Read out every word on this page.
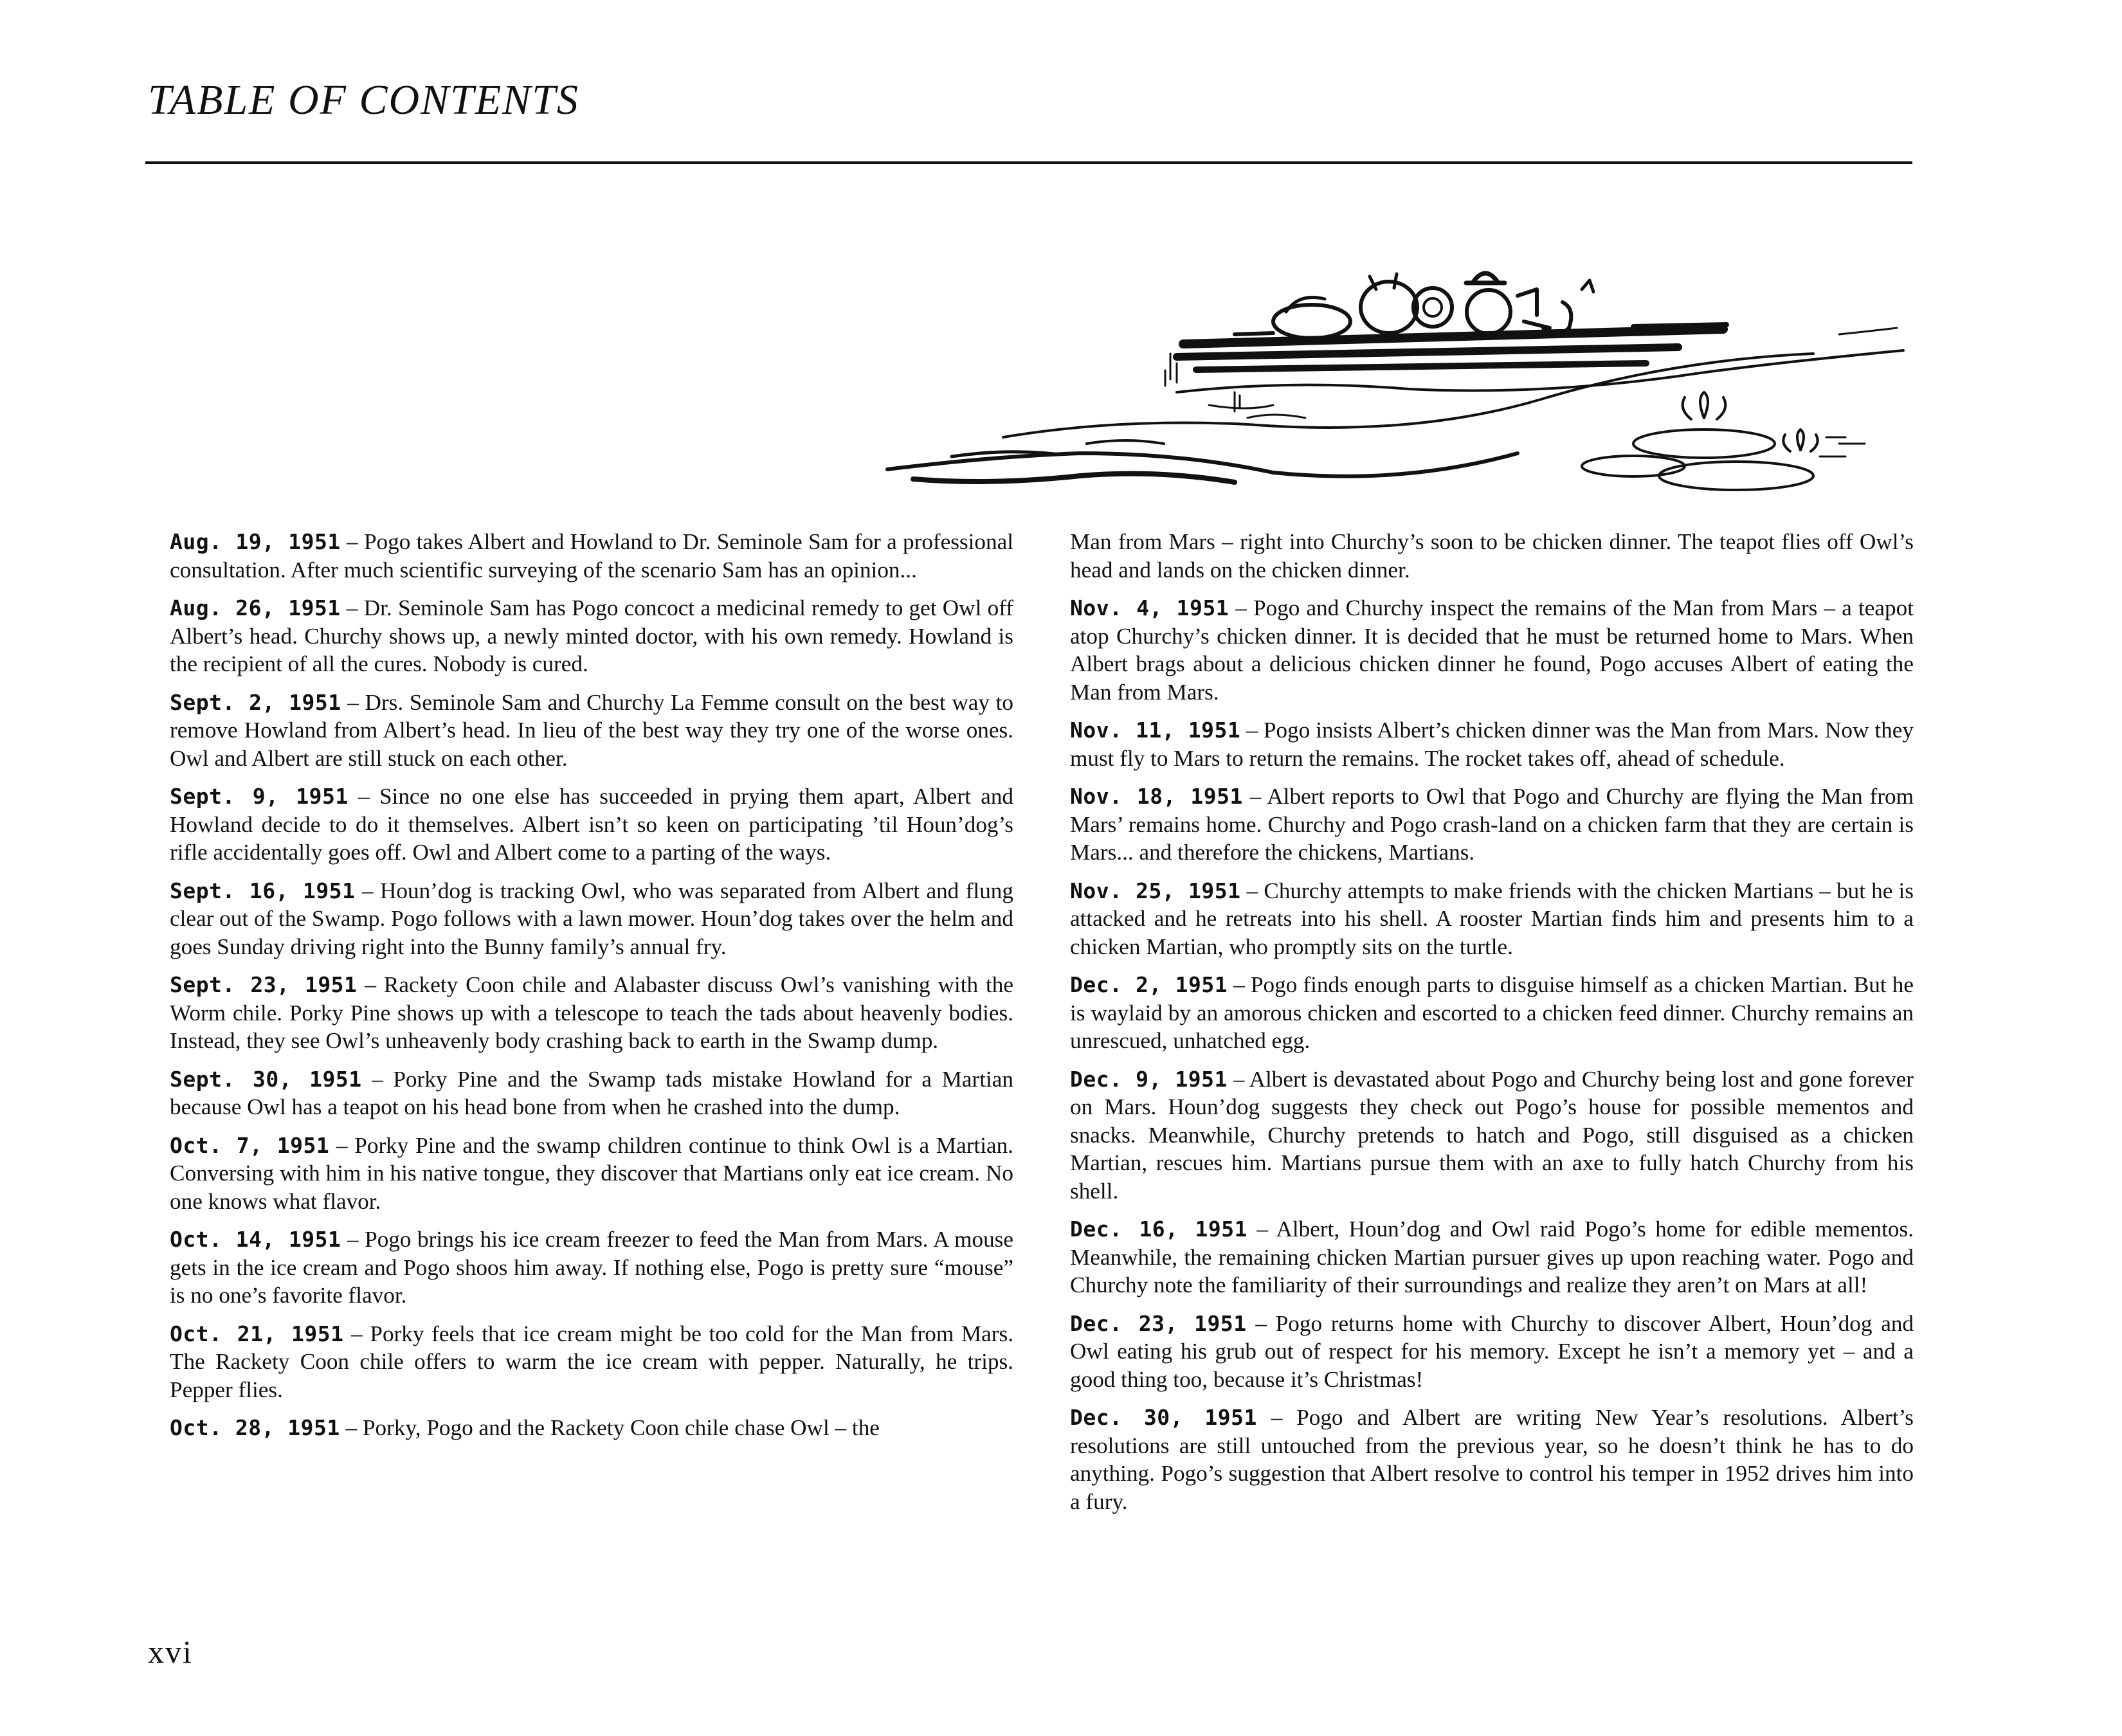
TABLE OF CONTENTS

Aug. 19, 1951 – Pogo takes Albert and Howland to Dr. Seminole Sam for a professional consultation. After much scientific surveying of the scenario Sam has an opinion...

Aug. 26, 1951 – Dr. Seminole Sam has Pogo concoct a medicinal remedy to get Owl off Albert’s head. Churchy shows up, a newly minted doctor, with his own remedy. Howland is the recipient of all the cures. Nobody is cured.

Sept. 2, 1951 – Drs. Seminole Sam and Churchy La Femme consult on the best way to remove Howland from Albert’s head. In lieu of the best way they try one of the worse ones. Owl and Albert are still stuck on each other.

Sept. 9, 1951 – Since no one else has succeeded in prying them apart, Albert and Howland decide to do it themselves. Albert isn’t so keen on participating ’til Houn’dog’s rifle accidentally goes off. Owl and Albert come to a parting of the ways.

Sept. 16, 1951 – Houn’dog is tracking Owl, who was separated from Albert and flung clear out of the Swamp. Pogo follows with a lawn mower. Houn’dog takes over the helm and goes Sunday driving right into the Bunny family’s annual fry.

Sept. 23, 1951 – Rackety Coon chile and Alabaster discuss Owl’s vanishing with the Worm chile. Porky Pine shows up with a telescope to teach the tads about heavenly bodies. Instead, they see Owl’s unheavenly body crashing back to earth in the Swamp dump.

Sept. 30, 1951 – Porky Pine and the Swamp tads mistake Howland for a Martian because Owl has a teapot on his head bone from when he crashed into the dump.

Oct. 7, 1951 – Porky Pine and the swamp children continue to think Owl is a Martian. Conversing with him in his native tongue, they discover that Martians only eat ice cream. No one knows what flavor.

Oct. 14, 1951 – Pogo brings his ice cream freezer to feed the Man from Mars. A mouse gets in the ice cream and Pogo shoos him away. If nothing else, Pogo is pretty sure “mouse” is no one’s favorite flavor.

Oct. 21, 1951 – Porky feels that ice cream might be too cold for the Man from Mars. The Rackety Coon chile offers to warm the ice cream with pepper. Naturally, he trips. Pepper flies.

Oct. 28, 1951 – Porky, Pogo and the Rackety Coon chile chase Owl – the

Man from Mars – right into Churchy’s soon to be chicken dinner. The teapot flies off Owl’s head and lands on the chicken dinner.

Nov. 4, 1951 – Pogo and Churchy inspect the remains of the Man from Mars – a teapot atop Churchy’s chicken dinner. It is decided that he must be returned home to Mars. When Albert brags about a delicious chicken dinner he found, Pogo accuses Albert of eating the Man from Mars.

Nov. 11, 1951 – Pogo insists Albert’s chicken dinner was the Man from Mars. Now they must fly to Mars to return the remains. The rocket takes off, ahead of schedule.

Nov. 18, 1951 – Albert reports to Owl that Pogo and Churchy are flying the Man from Mars’ remains home. Churchy and Pogo crash-land on a chicken farm that they are certain is Mars... and therefore the chickens, Martians.

Nov. 25, 1951 – Churchy attempts to make friends with the chicken Martians – but he is attacked and he retreats into his shell. A rooster Martian finds him and presents him to a chicken Martian, who promptly sits on the turtle.

Dec. 2, 1951 – Pogo finds enough parts to disguise himself as a chicken Martian. But he is waylaid by an amorous chicken and escorted to a chicken feed dinner. Churchy remains an unrescued, unhatched egg.

Dec. 9, 1951 – Albert is devastated about Pogo and Churchy being lost and gone forever on Mars. Houn’dog suggests they check out Pogo’s house for possible mementos and snacks. Meanwhile, Churchy pretends to hatch and Pogo, still disguised as a chicken Martian, rescues him. Martians pursue them with an axe to fully hatch Churchy from his shell.

Dec. 16, 1951 – Albert, Houn’dog and Owl raid Pogo’s home for edible mementos. Meanwhile, the remaining chicken Martian pursuer gives up upon reaching water. Pogo and Churchy note the familiarity of their surroundings and realize they aren’t on Mars at all!

Dec. 23, 1951 – Pogo returns home with Churchy to discover Albert, Houn’dog and Owl eating his grub out of respect for his memory. Except he isn’t a memory yet – and a good thing too, because it’s Christmas!

Dec. 30, 1951 – Pogo and Albert are writing New Year’s resolutions. Albert’s resolutions are still untouched from the previous year, so he doesn’t think he has to do anything. Pogo’s suggestion that Albert resolve to control his temper in 1952 drives him into a fury.

xvi
